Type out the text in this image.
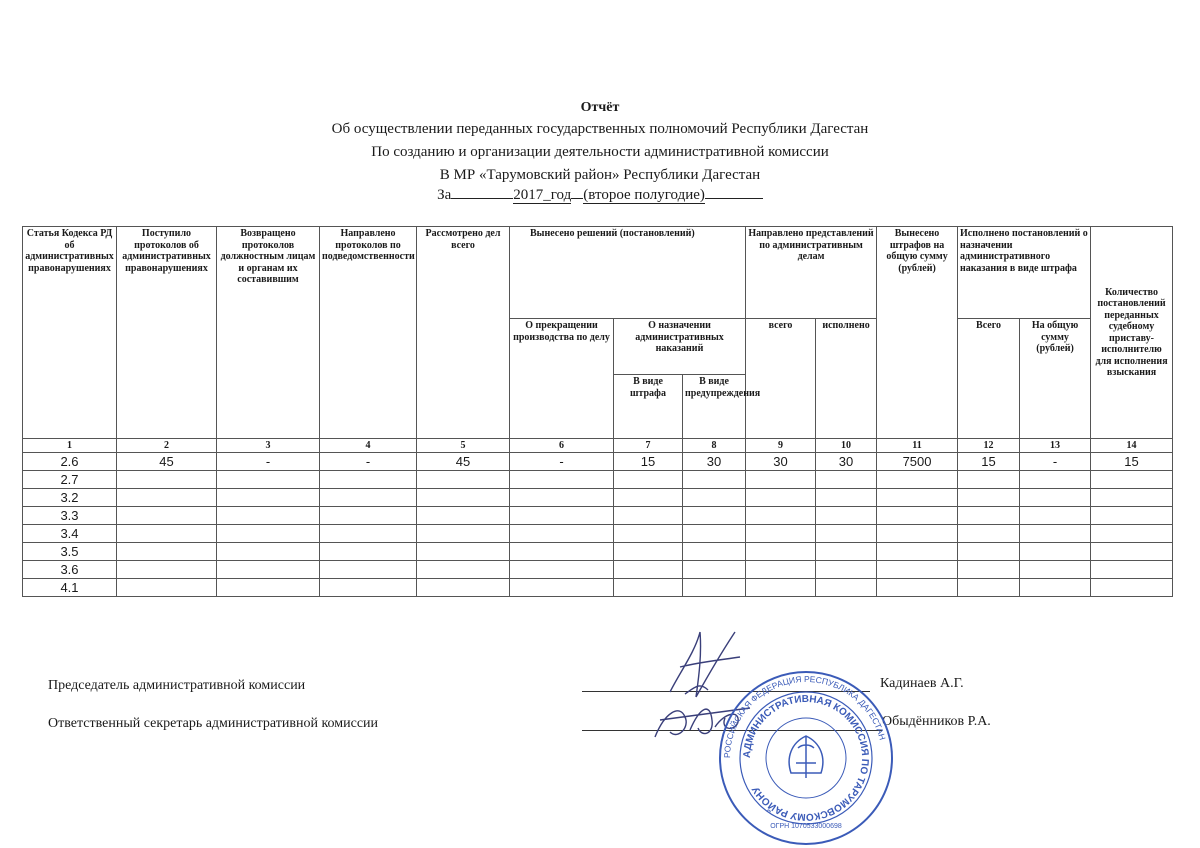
Отчёт
Об осуществлении переданных государственных полномочий Республики Дагестан
По созданию и организации деятельности административной комиссии
В МР «Тарумовский район» Республики Дагестан
За	2017_год (второе полугодие)
Статья Кодекса РД об административных правонарушениях	Поступило протоколов об административных правонарушениях	Возвращено протоколов должностным лицам и органам их составившим	Направлено протоколов по подведомственности	Рассмотрено дел всего	Вынесено решений (постановлений)			Направлено представлений по административным делам		Вынесено штрафов на общую сумму (рублей)	Исполнено постановлений о назначении административного наказания в виде штрафа		Количество постановлений переданных судебному приставу-исполнителю для исполнения взыскания
					О прекращении производства по делу	О назначении административных наказаний		всего	исполнено		Всего	На общую сумму (рублей)	
						В виде штрафа	В виде предупреждения						
1	2	3	4	5	6	7	8	9	10	11	12	13	14
2.6	45	-	-	45	-	15	30	30	30	7500	15	-	15
2.7													
3.2													
3.3													
3.4													
3.5													
3.6													
4.1													
Председатель административной комиссии	Кадинаев А.Г.
Ответственный секретарь административной комиссии	Обыдёнников Р.А.
РОССИЙСКАЯ ФЕДЕРАЦИЯ РЕСПУБЛИКА ДАГЕСТАН
АДМИНИСТРАТИВНАЯ КОМИССИЯ ПО ТАРУМОВСКОМУ РАЙОНУ
ОГРН 1070533000698
